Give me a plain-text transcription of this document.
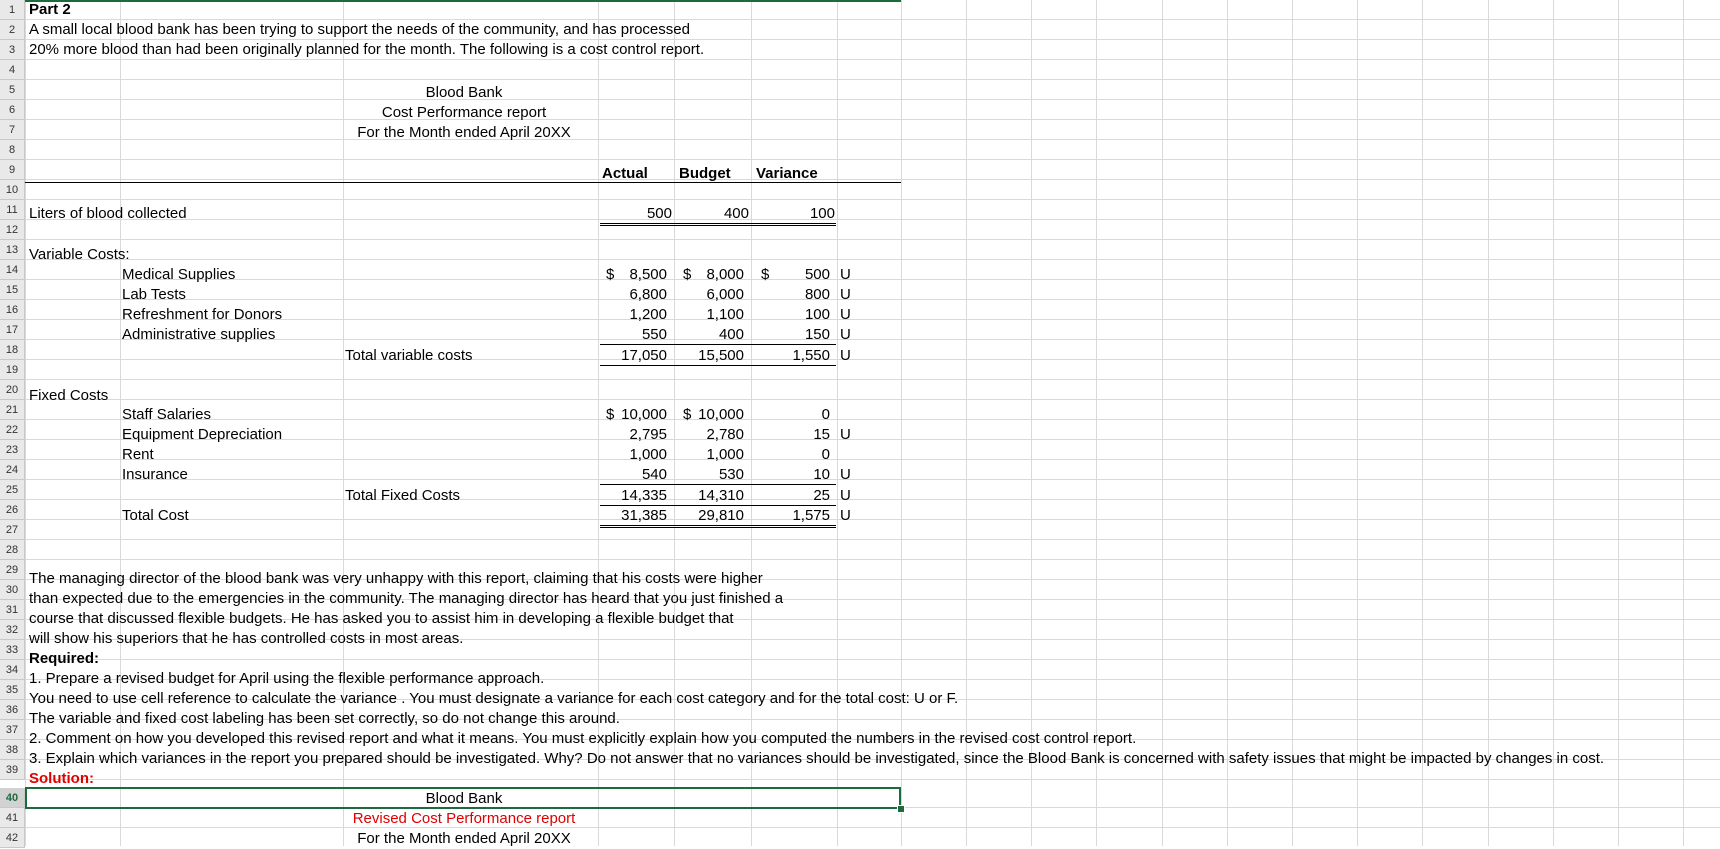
1
2
3
4
5
6
7
8
9
10
11
12
13
14
15
16
17
18
19
20
21
22
23
24
25
26
27
28
29
30
31
32
33
34
35
36
37
38
39
40
41
42
Part 2
A small local blood bank has been trying to support the needs of the community, and has processed
20% more blood than had been originally planned for the month. The following is a cost control report.
Blood Bank
Cost Performance report
For the Month ended April 20XX
Actual Budget Variance
Liters of blood collected	500	400	100
Variable Costs:
Medical Supplies	$	8,500 $	8,000 $	500 U
Lab Tests	6,800	6,000	800 U
Refreshment for Donors	1,200	1,100	100 U
Administrative supplies	550	400	150 U
Total variable costs	17,050	15,500	1,550 U
Fixed Costs
Staff Salaries	$ 10,000 $ 10,000	0
Equipment Depreciation	2,795	2,780	15 U
Rent	1,000	1,000	0
Insurance	540	530	10 U
Total Fixed Costs	14,335	14,310	25 U
Total Cost	31,385	29,810	1,575 U
The managing director of the blood bank was very unhappy with this report, claiming that his costs were higher
than expected due to the emergencies in the community. The managing director has heard that you just finished a
course that discussed flexible budgets. He has asked you to assist him in developing a flexible budget that
will show his superiors that he has controlled costs in most areas.
Required:
1. Prepare a revised budget for April using the flexible performance approach.
You need to use cell reference to calculate the variance . You must designate a variance for each cost category and for the total cost: U or F.
The variable and fixed cost labeling has been set correctly, so do not change this around.
2. Comment on how you developed this revised report and what it means. You must explicitly explain how you computed the numbers in the revised cost control report.
3. Explain which variances in the report you prepared should be investigated. Why? Do not answer that no variances should be investigated, since the Blood Bank is concerned with safety issues that might be impacted by changes in cost.
Solution:
Blood Bank
Revised Cost Performance report
For the Month ended April 20XX
